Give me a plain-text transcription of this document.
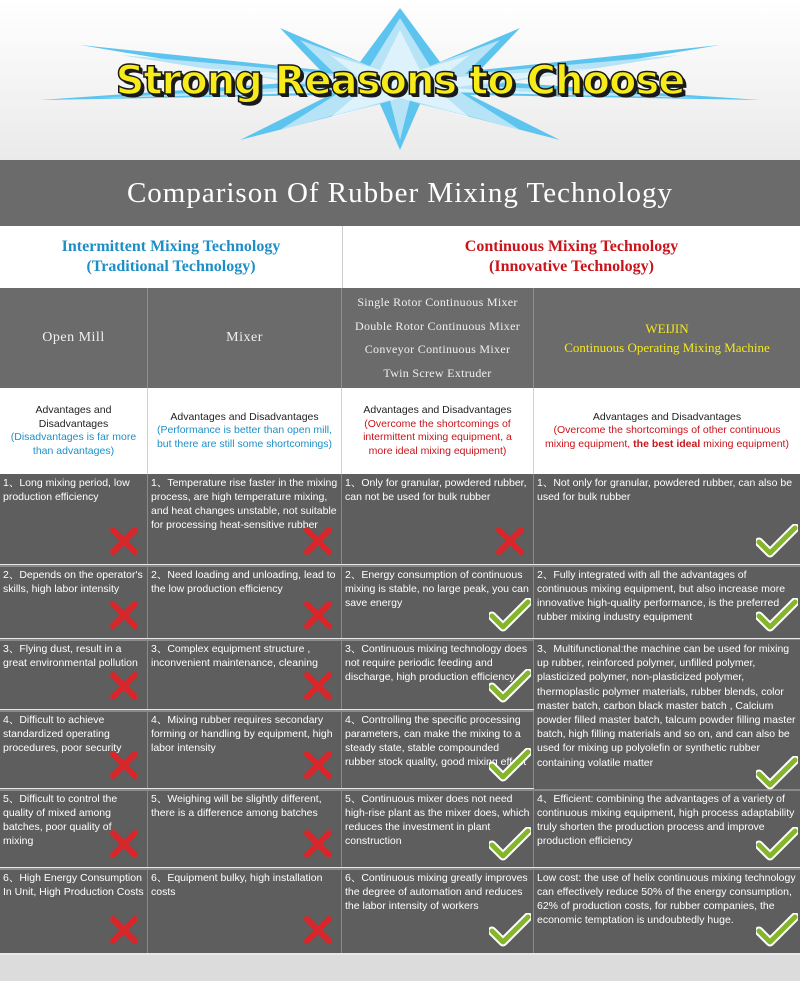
Strong Reasons to Choose
Comparison Of Rubber Mixing Technology
Intermittent Mixing Technology
(Traditional Technology)
Continuous Mixing Technology
(Innovative Technology)
Open Mill	Mixer
Single Rotor Continuous Mixer
Double Rotor Continuous Mixer
Conveyor Continuous Mixer
Twin Screw Extruder
WEIJIN
Continuous Operating Mixing Machine
Advantages and
Disadvantages
(Disadvantages is far more
than advantages)
Advantages and Disadvantages
(Performance is better than open mill,
but there are still some shortcomings)
Advantages and Disadvantages
(Overcome the shortcomings of
intermittent mixing equipment, a
more ideal mixing equipment)
Advantages and Disadvantages
(Overcome the shortcomings of other continuous
mixing equipment, the best ideal mixing equipment)
1、Long mixing period, low production efficiency
1、Temperature rise faster in the mixing process, are high temperature mixing, and heat changes unstable, not suitable for processing heat-sensitive rubber
1、Only for granular, powdered rubber, can not be used for bulk rubber
1、Not only for granular, powdered rubber, can also be used for bulk rubber
2、Depends on the operator's skills, high labor intensity
2、Need loading and unloading, lead to the low production efficiency
2、Energy consumption of continuous mixing is stable, no large peak, you can save energy
2、Fully integrated with all the advantages of continuous mixing equipment, but also increase more innovative high-quality performance, is the preferred rubber mixing industry equipment
3、Flying dust, result in a great environmental pollution
3、Complex equipment structure , inconvenient maintenance, cleaning
3、Continuous mixing technology does not require periodic feeding and discharge, high production efficiency
4、Difficult to achieve standardized operating procedures, poor security
4、Mixing rubber requires secondary forming or handling by equipment, high labor intensity
4、Controlling the specific processing parameters, can make the mixing to a steady state, stable compounded rubber stock quality, good mixing effect
5、Difficult to control the quality of mixed among batches, poor quality of mixing
5、Weighing will be slightly different, there is a difference among batches
5、Continuous mixer does not need high-rise plant as the mixer does, which reduces the investment in plant construction
4、Efficient: combining the advantages of a variety of continuous mixing equipment, high process adaptability truly shorten the production process and improve production efficiency
6、High Energy Consumption In Unit, High Production Costs
6、Equipment bulky, high installation costs
6、Continuous mixing greatly improves the degree of automation and reduces the labor intensity of workers
Low cost: the use of helix continuous mixing technology can effectively reduce 50% of the energy consumption, 62% of production costs, for rubber companies, the economic temptation is undoubtedly huge.
3、Multifunctional:the machine can be used for mixing up rubber, reinforced polymer, unfilled polymer, plasticized polymer, non-plasticized polymer, thermoplastic polymer materials, rubber blends, color master batch, carbon black master batch , Calcium powder filled master batch, talcum powder filling master batch, high filling materials and so on, and can also be used for mixing up polyolefin or synthetic rubber containing volatile matter
